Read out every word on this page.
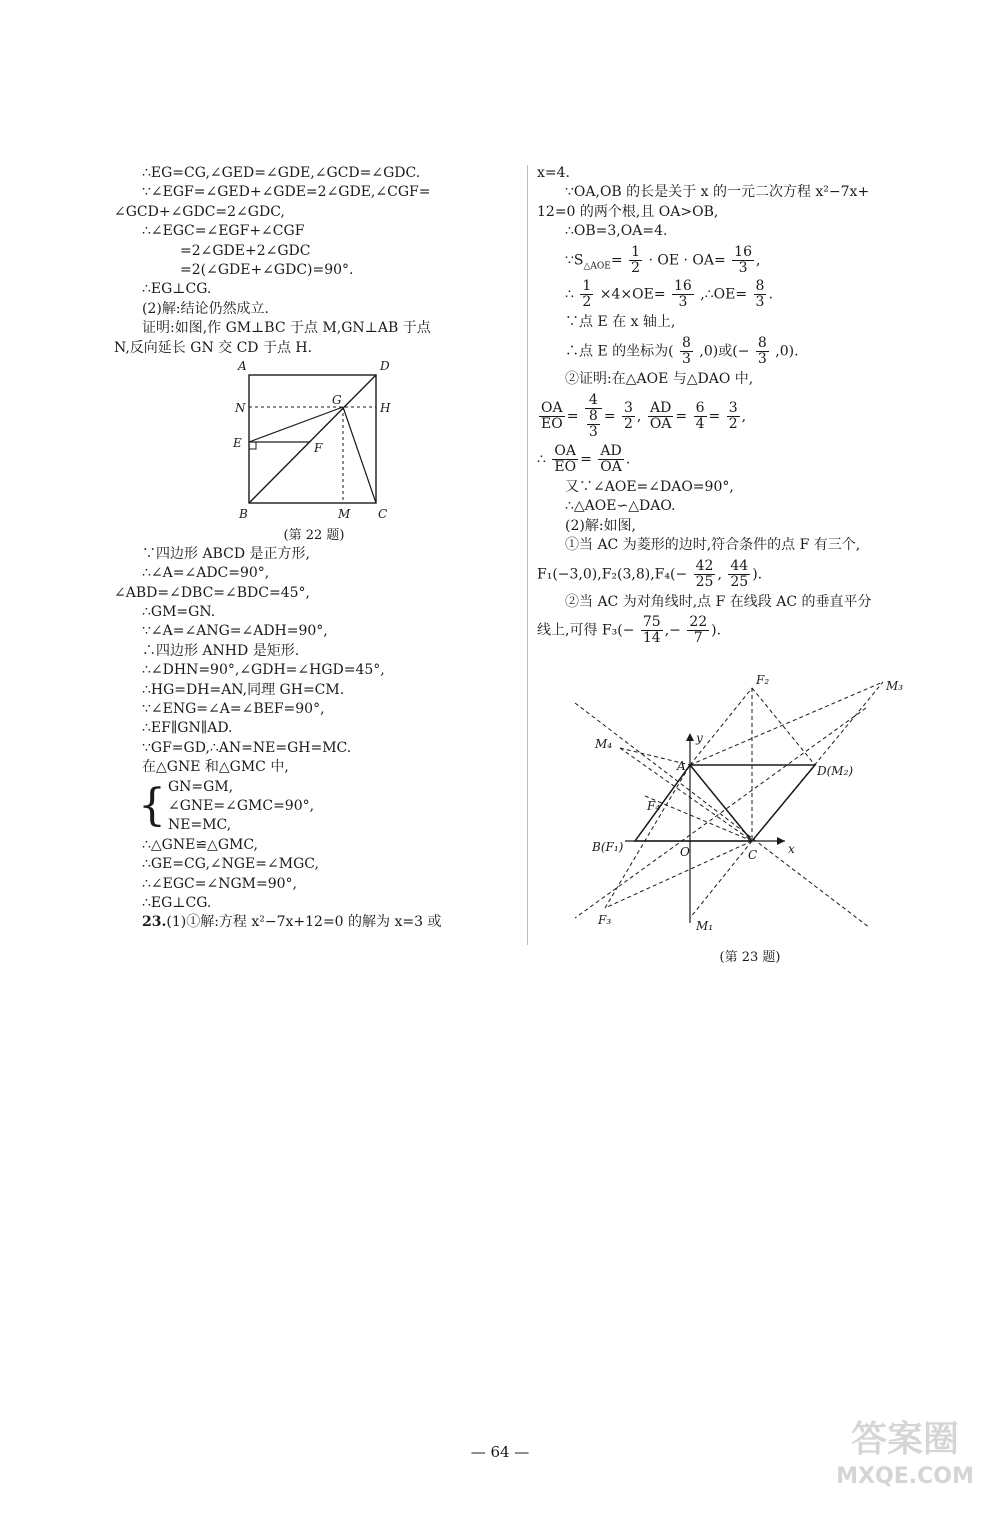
∴EG=CG,∠GED=∠GDE,∠GCD=∠GDC.
∵∠EGF=∠GED+∠GDE=2∠GDE,∠CGF=
∠GCD+∠GDC=2∠GDC,
∴∠EGC=∠EGF+∠CGF
=2∠GDE+2∠GDC
=2(∠GDE+∠GDC)=90°.
∴EG⊥CG.
(2)解:结论仍然成立.
证明:如图,作 GM⊥BC 于点 M,GN⊥AB 于点
N,反向延长 GN 交 CD 于点 H.
A	D
N
G
H
E	F
B	M C
(第 22 题)
∵四边形 ABCD 是正方形,
∴∠A=∠ADC=90°,
∠ABD=∠DBC=∠BDC=45°,
∴GM=GN.
∵∠A=∠ANG=∠ADH=90°,
∴四边形 ANHD 是矩形.
∴∠DHN=90°,∠GDH=∠HGD=45°,
∴HG=DH=AN,同理 GH=CM.
∵∠ENG=∠A=∠BEF=90°,
∴EF∥GN∥AD.
∵GF=GD,∴AN=NE=GH=MC.
在△GNE 和△GMC 中,
{ GN=GM,
∠GNE=∠GMC=90°,
NE=MC,
∴△GNE≌△GMC,
∴GE=CG,∠NGE=∠MGC,
∴∠EGC=∠NGM=90°,
∴EG⊥CG.
23.(1)①解:方程 x²−7x+12=0 的解为 x=3 或
x=4.
∵OA,OB 的长是关于 x 的一元二次方程 x²−7x+
12=0 的两个根,且 OA>OB,
∴OB=3,OA=4.
$\because S_{\triangle AOE}= \frac{1}{2}$ · OE · $OA= \frac{16}{3}$ ,
∴ $\frac{1}{2} \times 4\times OE= \frac{16}{3}$ ,∴OE= $\frac{8}{3}$ .
∵点 E 在 x 轴上,
∴点 E 的坐标为( $\frac{8}{3} ,0$)或(− $\frac{8}{3} ,0$).
②证明:在△AOE 与△DAO 中,
$\frac{OA}{EO} = \frac{4}{\frac{8}{3}} = \frac{3}{2}$ , $\frac{AD}{OA} = \frac{6}{4} = \frac{3}{2}$ ,
∴ $\frac{OA}{EO} = \frac{AD}{OA}$ .
又∵∠AOE=∠DAO=90°,
∴△AOE∽△DAO.
(2)解:如图,
①当 AC 为菱形的边时,符合条件的点 F 有三个,
$F_1(-3,0),F_2(3,8),F_4(- \frac{42}{25}$ , $\frac{44}{25}$ ).
②当 AC 为对角线时,点 F 在线段 AC 的垂直平分
线上,可得 $F_3(- \frac{75}{14}$ ,− $\frac{22}{7}$ ).
F₂	M₃
M₄	y
A	D(M₂)
F₄
B(F₁)	O	C	x
F₃	M₁
(第 23 题)
— 64 —	答案圈
MXQE.COM
